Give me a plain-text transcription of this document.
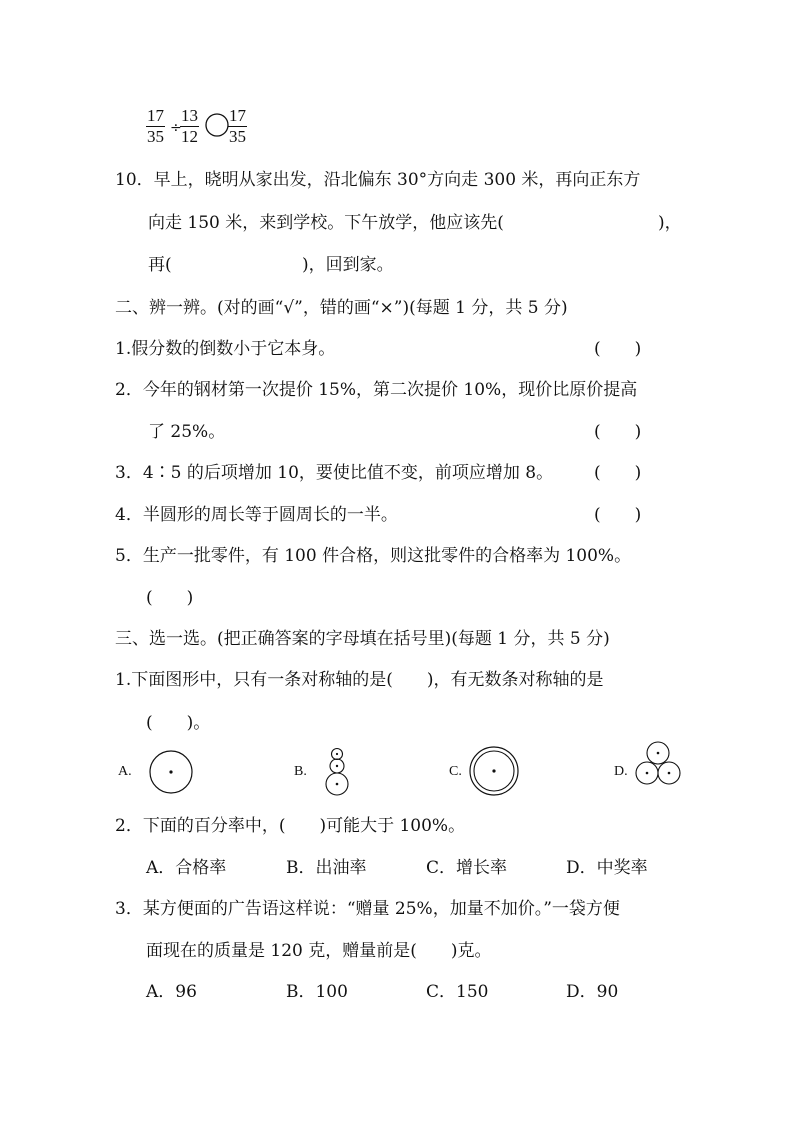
$\frac{17}{35}$ ÷
$\frac{13}{12} \frac{17}{35}$
10．早上，晓明从家出发，沿北偏东 30°方向走 300 米，再向正东方
向走 150 米，来到学校。下午放学，他应该先(	)，
再(	)，回到家。
二、辨一辨。(对的画“√”，错的画“×”)(每题 1 分，共 5 分)
1.假分数的倒数小于它本身。	(　　)
2．今年的钢材第一次提价 15%，第二次提价 10%，现价比原价提高
了 25%。	(　　)
3．4∶5 的后项增加 10，要使比值不变，前项应增加 8。 (　　)
4．半圆形的周长等于圆周长的一半。	(　　)
5．生产一批零件，有 100 件合格，则这批零件的合格率为 100%。
(　　)
三、选一选。(把正确答案的字母填在括号里)(每题 1 分，共 5 分)
1.下面图形中，只有一条对称轴的是(　　)，有无数条对称轴的是
(　　)。
A.	B.	C.	D.
2．下面的百分率中，(　　)可能大于 100%。
A．合格率	B．出油率	C．增长率	D．中奖率
3．某方便面的广告语这样说：“赠量 25%，加量不加价。”一袋方便
面现在的质量是 120 克，赠量前是(　　)克。
A．96	B．100	C．150	D．90
